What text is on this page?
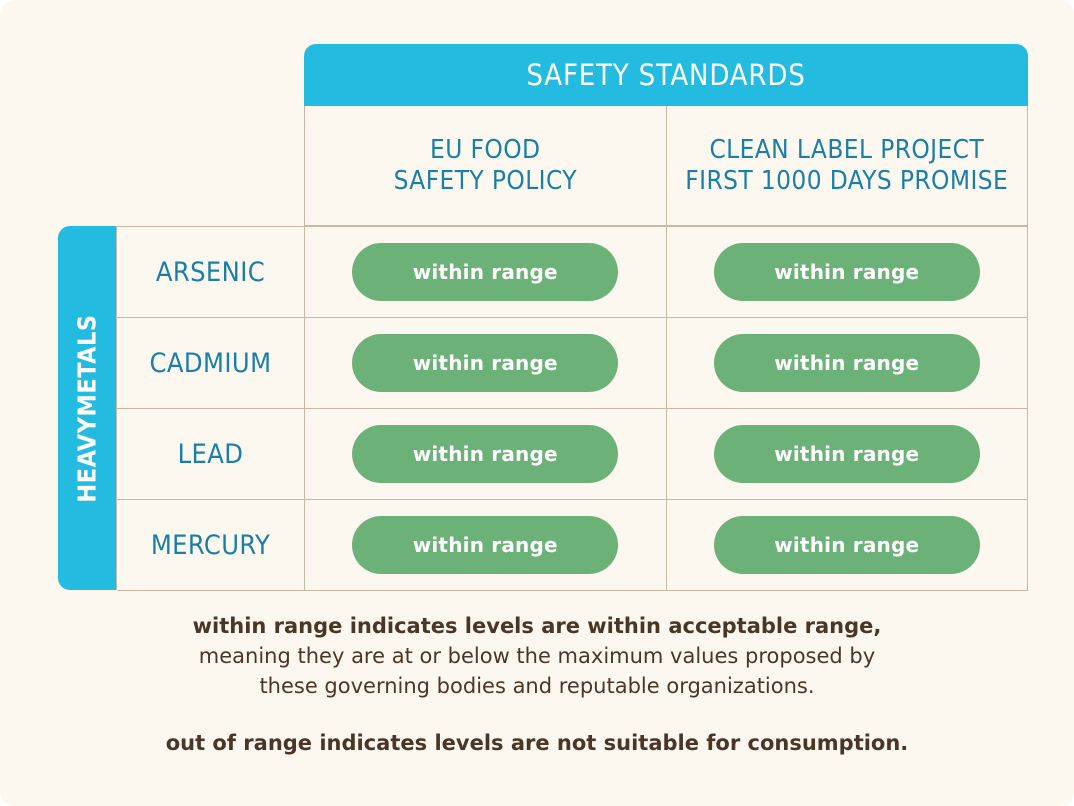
SAFETY STANDARDS
EU FOOD
SAFETY POLICY
CLEAN LABEL PROJECT
FIRST 1000 DAYS PROMISE
HEAVYMETALS
ARSENIC	within range	within range
CADMIUM	within range	within range
LEAD	within range	within range
MERCURY	within range	within range
within range indicates levels are within acceptable range,
meaning they are at or below the maximum values proposed by
these governing bodies and reputable organizations.
out of range indicates levels are not suitable for consumption.
